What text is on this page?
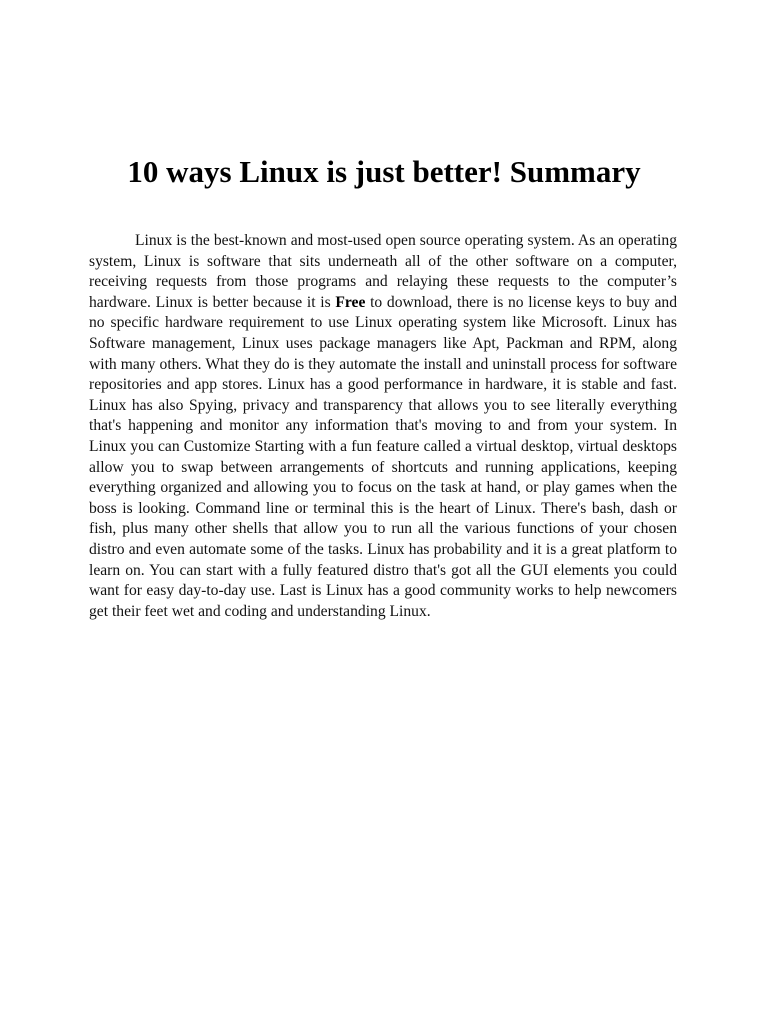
10 ways Linux is just better! Summary

Linux is the best-known and most-used open source operating system. As an operating system, Linux is software that sits underneath all of the other software on a computer, receiving requests from those programs and relaying these requests to the computer’s hardware. Linux is better because it is Free to download, there is no license keys to buy and no specific hardware requirement to use Linux operating system like Microsoft. Linux has Software management, Linux uses package managers like Apt, Packman and RPM, along with many others. What they do is they automate the install and uninstall process for software repositories and app stores. Linux has a good performance in hardware, it is stable and fast. Linux has also Spying, privacy and transparency that allows you to see literally everything that's happening and monitor any information that's moving to and from your system. In Linux you can Customize Starting with a fun feature called a virtual desktop, virtual desktops allow you to swap between arrangements of shortcuts and running applications, keeping everything organized and allowing you to focus on the task at hand, or play games when the boss is looking. Command line or terminal this is the heart of Linux. There's bash, dash or fish, plus many other shells that allow you to run all the various functions of your chosen distro and even automate some of the tasks. Linux has probability and it is a great platform to learn on. You can start with a fully featured distro that's got all the GUI elements you could want for easy day-to-day use. Last is Linux has a good community works to help newcomers get their feet wet and coding and understanding Linux.
